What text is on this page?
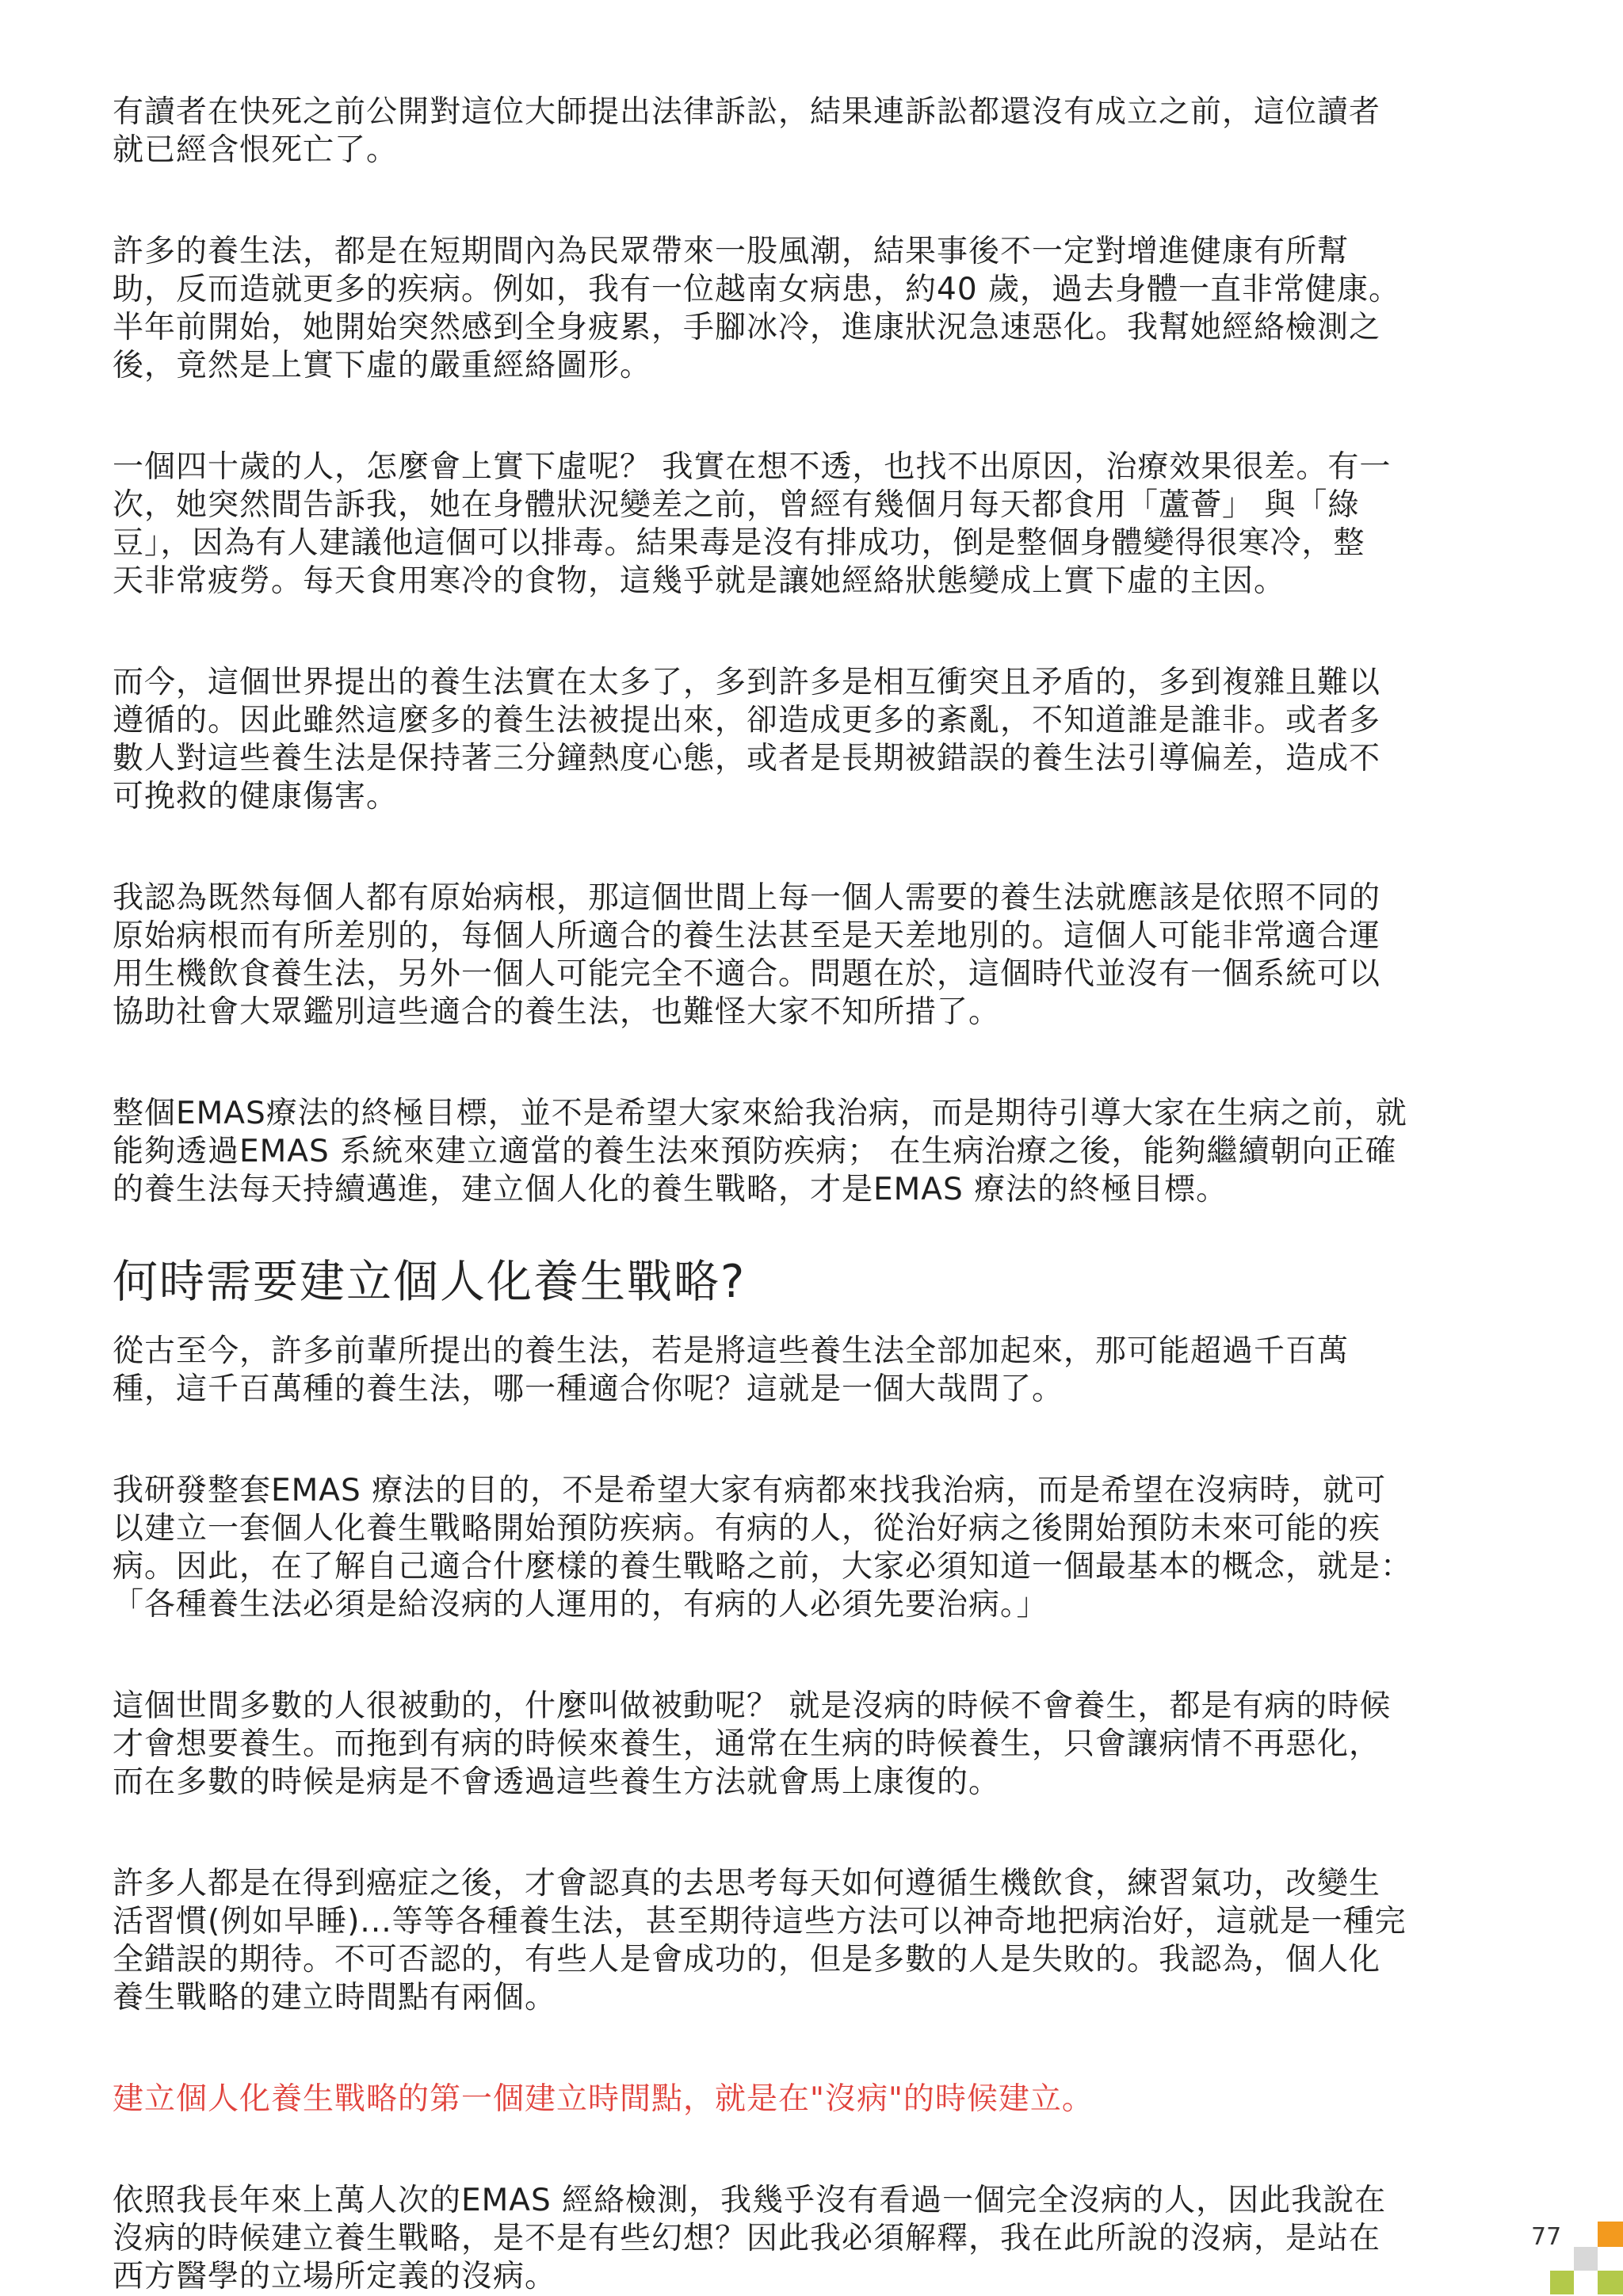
有讀者在快死之前公開對這位大師提出法律訴訟，結果連訴訟都還沒有成立之前，這位讀者
就已經含恨死亡了。

許多的養生法，都是在短期間內為民眾帶來一股風潮，結果事後不一定對增進健康有所幫
助，反而造就更多的疾病。例如，我有一位越南女病患，約40 歲，過去身體一直非常健康。
半年前開始，她開始突然感到全身疲累，手腳冰冷，進康狀況急速惡化。我幫她經絡檢測之
後，竟然是上實下虛的嚴重經絡圖形。

一個四十歲的人，怎麼會上實下虛呢？ 我實在想不透，也找不出原因，治療效果很差。有一
次，她突然間告訴我，她在身體狀況變差之前，曾經有幾個月每天都食用「蘆薈」 與「綠
豆」，因為有人建議他這個可以排毒。結果毒是沒有排成功，倒是整個身體變得很寒冷，整
天非常疲勞。每天食用寒冷的食物，這幾乎就是讓她經絡狀態變成上實下虛的主因。

而今，這個世界提出的養生法實在太多了，多到許多是相互衝突且矛盾的，多到複雜且難以
遵循的。因此雖然這麼多的養生法被提出來，卻造成更多的紊亂，不知道誰是誰非。或者多
數人對這些養生法是保持著三分鐘熱度心態，或者是長期被錯誤的養生法引導偏差，造成不
可挽救的健康傷害。

我認為既然每個人都有原始病根，那這個世間上每一個人需要的養生法就應該是依照不同的
原始病根而有所差別的，每個人所適合的養生法甚至是天差地別的。這個人可能非常適合運
用生機飲食養生法，另外一個人可能完全不適合。問題在於，這個時代並沒有一個系統可以
協助社會大眾鑑別這些適合的養生法，也難怪大家不知所措了。

整個EMAS療法的終極目標，並不是希望大家來給我治病，而是期待引導大家在生病之前，就
能夠透過EMAS 系統來建立適當的養生法來預防疾病； 在生病治療之後，能夠繼續朝向正確
的養生法每天持續邁進，建立個人化的養生戰略，才是EMAS 療法的終極目標。

何時需要建立個人化養生戰略?

從古至今，許多前輩所提出的養生法，若是將這些養生法全部加起來，那可能超過千百萬
種，這千百萬種的養生法，哪一種適合你呢？這就是一個大哉問了。

我研發整套EMAS 療法的目的，不是希望大家有病都來找我治病，而是希望在沒病時，就可
以建立一套個人化養生戰略開始預防疾病。有病的人，從治好病之後開始預防未來可能的疾
病。因此，在了解自己適合什麼樣的養生戰略之前，大家必須知道一個最基本的概念，就是：
「各種養生法必須是給沒病的人運用的，有病的人必須先要治病。」

這個世間多數的人很被動的，什麼叫做被動呢？ 就是沒病的時候不會養生，都是有病的時候
才會想要養生。而拖到有病的時候來養生，通常在生病的時候養生，只會讓病情不再惡化，
而在多數的時候是病是不會透過這些養生方法就會馬上康復的。

許多人都是在得到癌症之後，才會認真的去思考每天如何遵循生機飲食，練習氣功，改變生
活習慣(例如早睡)...等等各種養生法，甚至期待這些方法可以神奇地把病治好，這就是一種完
全錯誤的期待。不可否認的，有些人是會成功的，但是多數的人是失敗的。我認為，個人化
養生戰略的建立時間點有兩個。

建立個人化養生戰略的第一個建立時間點，就是在"沒病"的時候建立。

依照我長年來上萬人次的EMAS 經絡檢測，我幾乎沒有看過一個完全沒病的人，因此我說在
沒病的時候建立養生戰略，是不是有些幻想？因此我必須解釋，我在此所說的沒病，是站在
西方醫學的立場所定義的沒病。

77
